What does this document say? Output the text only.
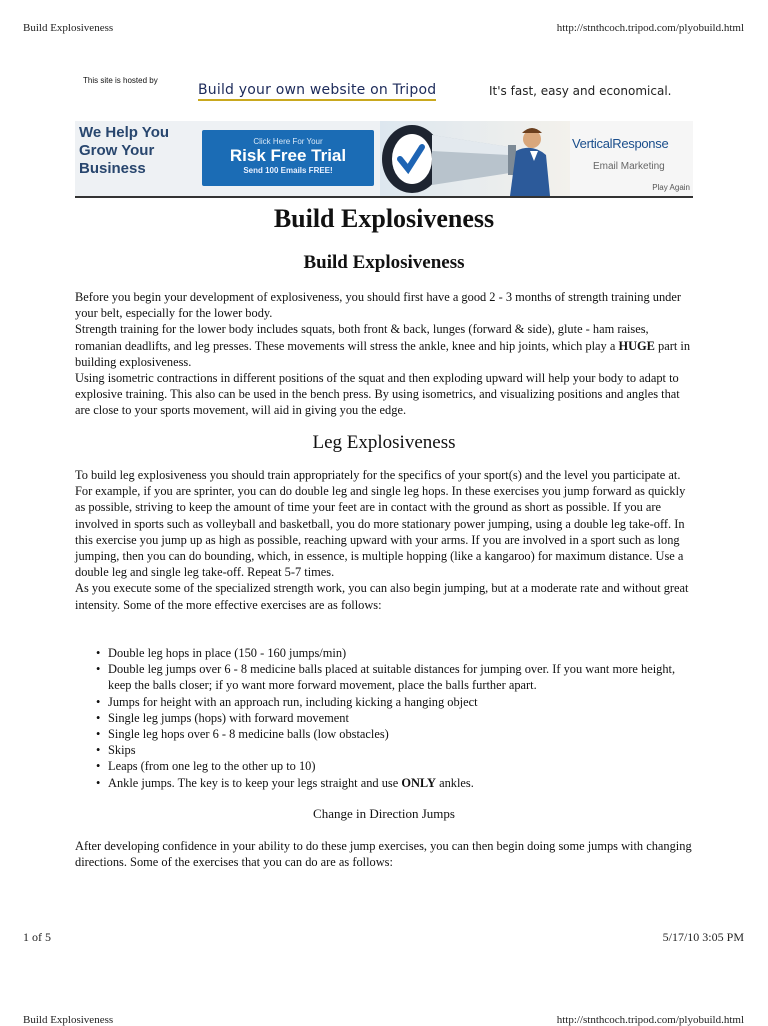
Build Explosiveness	http://stnthcoch.tripod.com/plyobuild.html
This site is hosted by
Build your own website on Tripod	It's fast, easy and economical.
We Help You
Grow Your
Business
Click Here For Your
Risk Free Trial
Send 100 Emails FREE!
VerticalResponse
Email Marketing
Play Again
Build Explosiveness
Build Explosiveness

Before you begin your development of explosiveness, you should first have a good 2 - 3 months of strength training under your belt, especially for the lower body.

Strength training for the lower body includes squats, both front & back, lunges (forward & side), glute - ham raises, romanian deadlifts, and leg presses. These movements will stress the ankle, knee and hip joints, which play a HUGE part in building explosiveness.

Using isometric contractions in different positions of the squat and then exploding upward will help your body to adapt to explosive training. This also can be used in the bench press. By using isometrics, and visualizing positions and angles that are close to your sports movement, will aid in giving you the edge.

Leg Explosiveness

To build leg explosiveness you should train appropriately for the specifics of your sport(s) and the level you participate at. For example, if you are sprinter, you can do double leg and single leg hops. In these exercises you jump forward as quickly as possible, striving to keep the amount of time your feet are in contact with the ground as short as possible. If you are involved in sports such as volleyball and basketball, you do more stationary power jumping, using a double leg take-off. In this exercise you jump up as high as possible, reaching upward with your arms. If you are involved in a sport such as long jumping, then you can do bounding, which, in essence, is multiple hopping (like a kangaroo) for maximum distance. Use a double leg and single leg take-off. Repeat 5-7 times.

As you execute some of the specialized strength work, you can also begin jumping, but at a moderate rate and without great intensity. Some of the more effective exercises are as follows:

• Double leg hops in place (150 - 160 jumps/min)
• Double leg jumps over 6 - 8 medicine balls placed at suitable distances for jumping over. If you want more height, keep the balls closer; if yo want more forward movement, place the balls further apart.
• Jumps for height with an approach run, including kicking a hanging object
• Single leg jumps (hops) with forward movement
• Single leg hops over 6 - 8 medicine balls (low obstacles)
• Skips
• Leaps (from one leg to the other up to 10)
• Ankle jumps. The key is to keep your legs straight and use ONLY ankles.
Change in Direction Jumps
After developing confidence in your ability to do these jump exercises, you can then begin doing some jumps with changing directions. Some of the exercises that you can do are as follows:
1 of 5	5/17/10 3:05 PM
Build Explosiveness	http://stnthcoch.tripod.com/plyobuild.html
